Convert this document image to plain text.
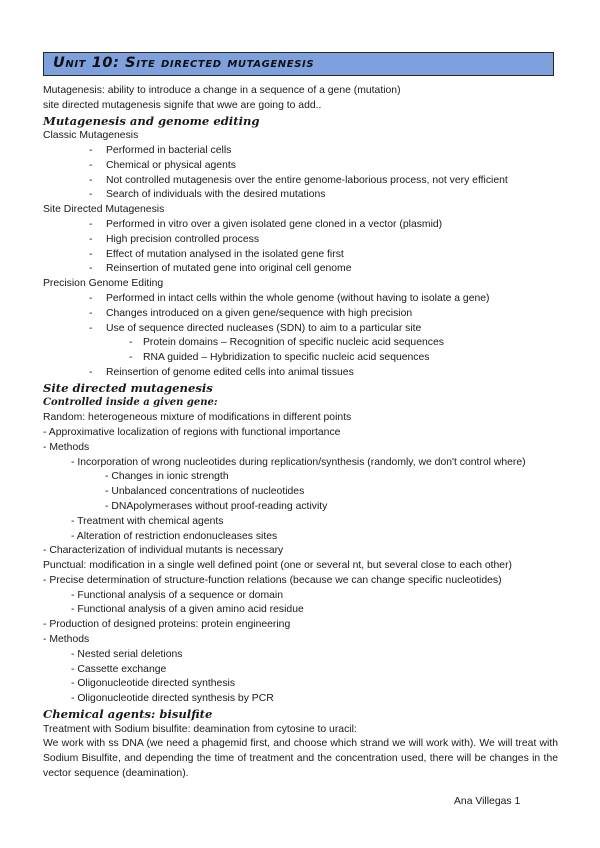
Unit 10: Site directed mutagenesis
Mutagenesis: ability to introduce a change in a sequence of a gene (mutation)
site directed mutagenesis signife that wwe are going to add..
Mutagenesis and genome editing
Classic Mutagenesis
- Performed in bacterial cells
- Chemical or physical agents
- Not controlled mutagenesis over the entire genome-laborious process, not very efficient
- Search of individuals with the desired mutations
Site Directed Mutagenesis
- Performed in vitro over a given isolated gene cloned in a vector (plasmid)
- High precision controlled process
- Effect of mutation analysed in the isolated gene first
- Reinsertion of mutated gene into original cell genome
Precision Genome Editing
- Performed in intact cells within the whole genome (without having to isolate a gene)
- Changes introduced on a given gene/sequence with high precision
- Use of sequence directed nucleases (SDN) to aim to a particular site
- Protein domains – Recognition of specific nucleic acid sequences
- RNA guided – Hybridization to specific nucleic acid sequences
- Reinsertion of genome edited cells into animal tissues
Site directed mutagenesis
Controlled inside a given gene:
Random: heterogeneous mixture of modifications in different points
- Approximative localization of regions with functional importance
- Methods
- Incorporation of wrong nucleotides during replication/synthesis (randomly, we don't control where)
- Changes in ionic strength
- Unbalanced concentrations of nucleotides
- DNApolymerases without proof-reading activity
- Treatment with chemical agents
- Alteration of restriction endonucleases sites
- Characterization of individual mutants is necessary
Punctual: modification in a single well defined point (one or several nt, but several close to each other)
- Precise determination of structure-function relations (because we can change specific nucleotides)
- Functional analysis of a sequence or domain
- Functional analysis of a given amino acid residue
- Production of designed proteins: protein engineering
- Methods
- Nested serial deletions
- Cassette exchange
- Oligonucleotide directed synthesis
- Oligonucleotide directed synthesis by PCR
Chemical agents: bisulfite
Treatment with Sodium bisulfite: deamination from cytosine to uracil:
We work with ss DNA (we need a phagemid first, and choose which strand we will work with). We will treat with Sodium Bisulfite, and depending the time of treatment and the concentration used, there will be changes in the vector sequence (deamination).
Ana Villegas 1
